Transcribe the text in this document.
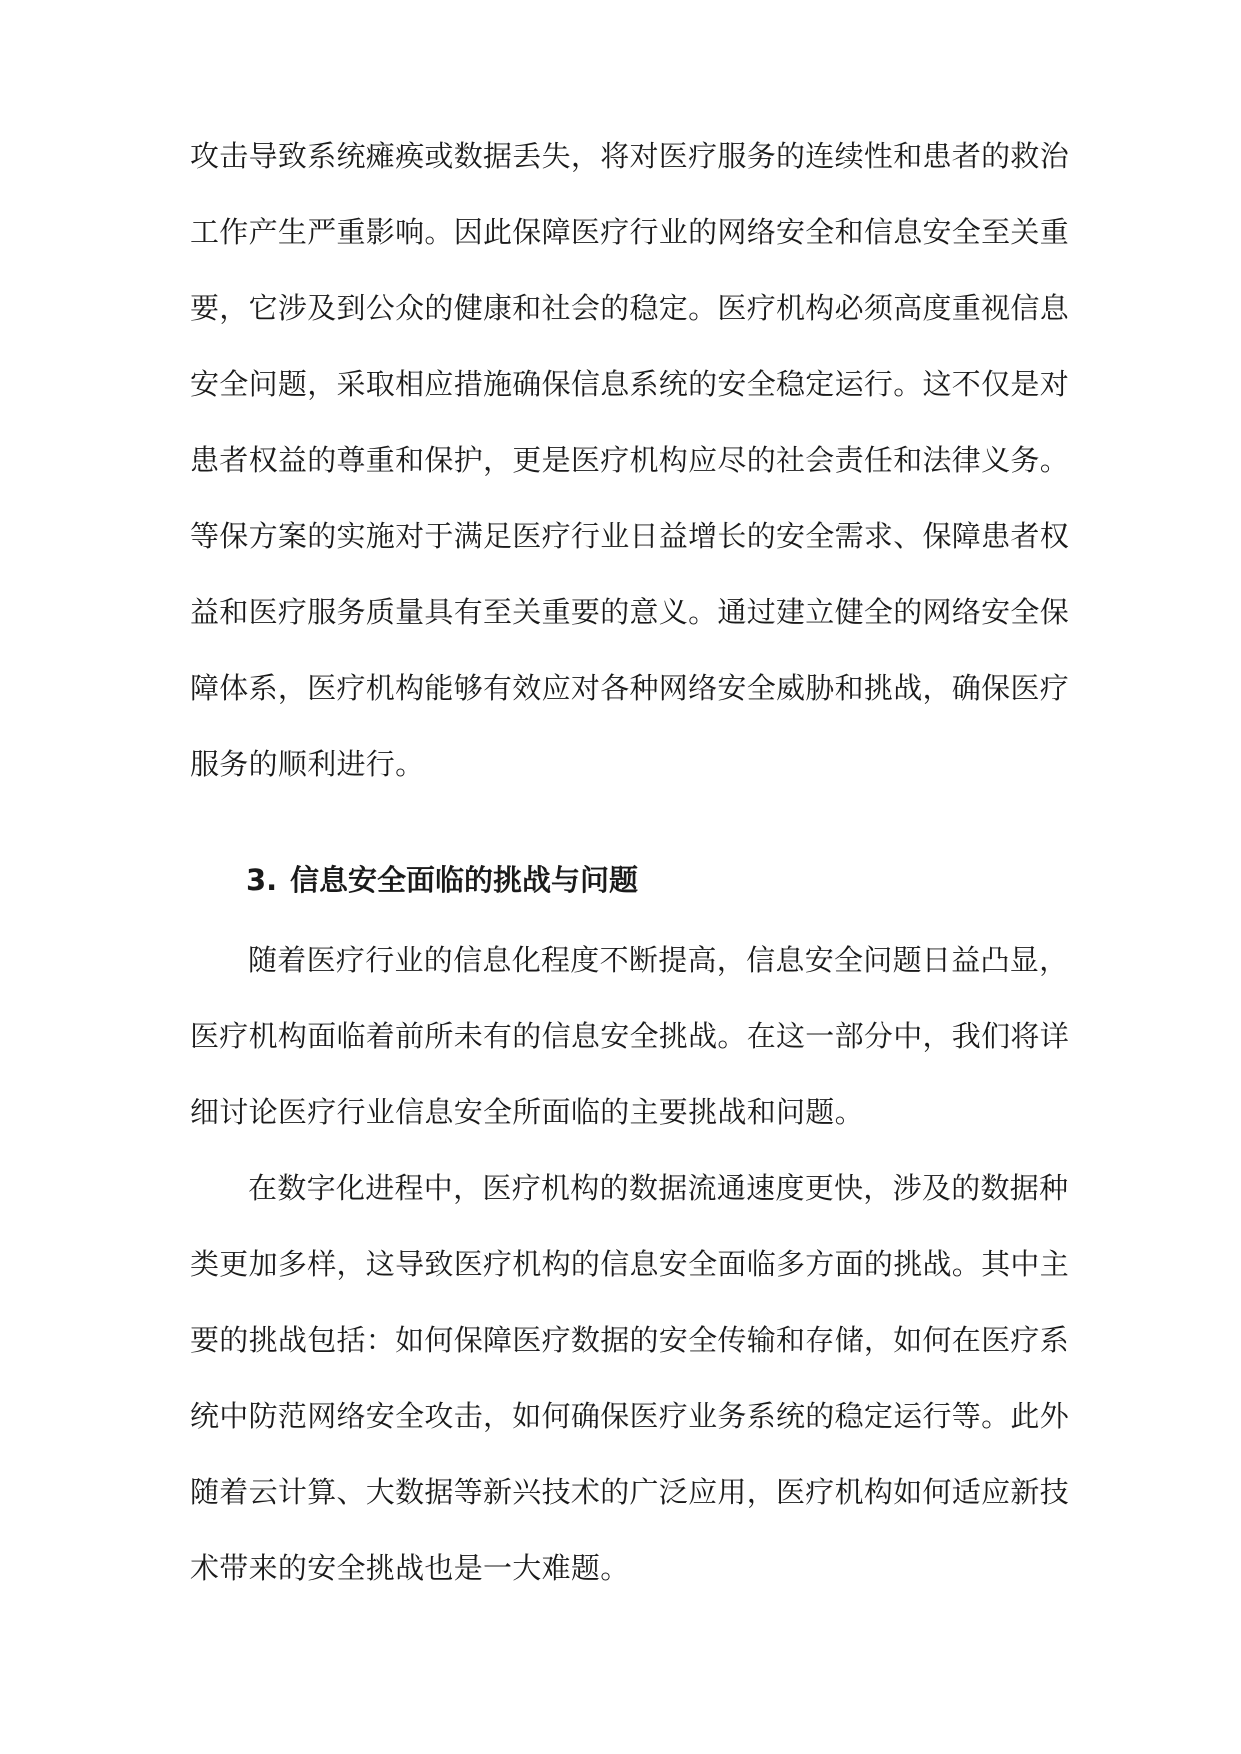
攻击导致系统瘫痪或数据丢失，将对医疗服务的连续性和患者的救治
工作产生严重影响。因此保障医疗行业的网络安全和信息安全至关重
要，它涉及到公众的健康和社会的稳定。医疗机构必须高度重视信息
安全问题，采取相应措施确保信息系统的安全稳定运行。这不仅是对
患者权益的尊重和保护，更是医疗机构应尽的社会责任和法律义务。
等保方案的实施对于满足医疗行业日益增长的安全需求、保障患者权
益和医疗服务质量具有至关重要的意义。通过建立健全的网络安全保
障体系，医疗机构能够有效应对各种网络安全威胁和挑战，确保医疗
服务的顺利进行。
3. 信息安全面临的挑战与问题
随着医疗行业的信息化程度不断提高，信息安全问题日益凸显，
医疗机构面临着前所未有的信息安全挑战。在这一部分中，我们将详
细讨论医疗行业信息安全所面临的主要挑战和问题。
在数字化进程中，医疗机构的数据流通速度更快，涉及的数据种
类更加多样，这导致医疗机构的信息安全面临多方面的挑战。其中主
要的挑战包括：如何保障医疗数据的安全传输和存储，如何在医疗系
统中防范网络安全攻击，如何确保医疗业务系统的稳定运行等。此外
随着云计算、大数据等新兴技术的广泛应用，医疗机构如何适应新技
术带来的安全挑战也是一大难题。
